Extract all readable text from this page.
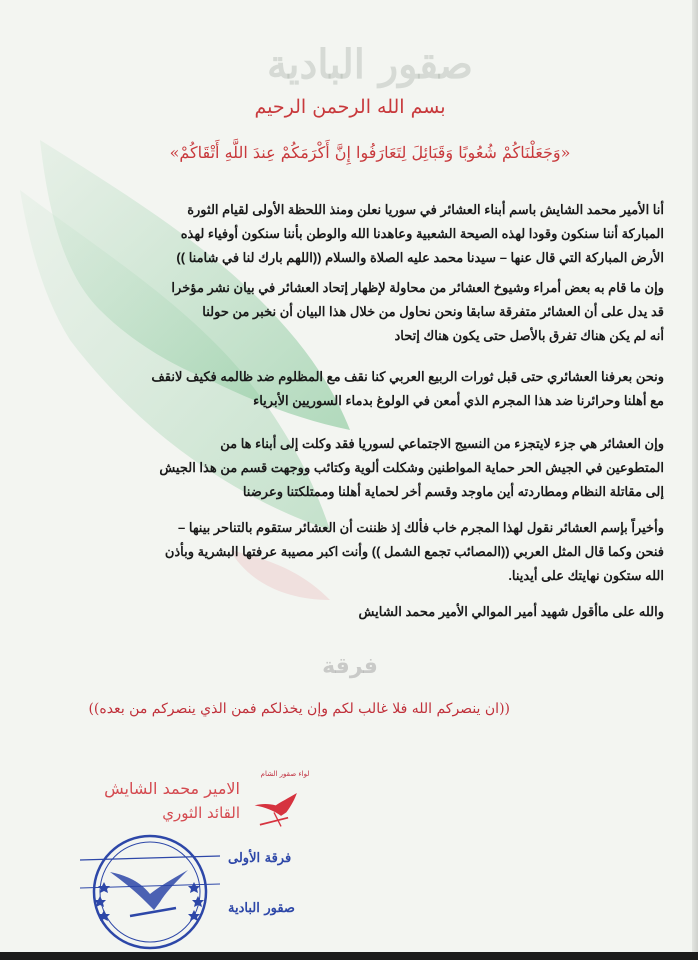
صقور البادية
فرقة
بسم الله الرحمن الرحيم
«وَجَعَلْنَاكُمْ شُعُوبًا وَقَبَائِلَ لِتَعَارَفُوا إِنَّ أَكْرَمَكُمْ عِندَ اللَّهِ أَتْقَاكُمْ»

أنا الأمير محمد الشايش باسم أبناء العشائر في سوريا نعلن ومنذ اللحظة الأولى لقيام الثورة

المباركة أننا سنكون وقودا لهذه الصيحة الشعبية وعاهدنا الله والوطن بأننا سنكون أوفياء لهذه

الأرض المباركة التي قال عنها – سيدنا محمد عليه الصلاة والسلام ((اللهم بارك لنا في شامنا ))

وإن ما قام به بعض أمراء وشيوخ العشائر من محاولة لإظهار إتحاد العشائر في بيان نشر مؤخرا

قد يدل على أن العشائر متفرقة سابقا ونحن نحاول من خلال هذا البيان أن نخبر من حولنا

أنه لم يكن هناك تفرق بالأصل حتى يكون هناك إتحاد

ونحن بعرفنا العشائري حتى قبل ثورات الربيع العربي كنا نقف مع المظلوم ضد ظالمه فكيف لانقف

مع أهلنا وحرائرنا ضد هذا المجرم الذي أمعن في الولوغ بدماء السوريين الأبرياء

وإن العشائر هي جزء لايتجزء من النسيج الاجتماعي لسوريا فقد وكلت إلى أبناء ها من

المتطوعين في الجيش الحر حماية المواطنين وشكلت ألوية وكتائب ووجهت قسم من هذا الجيش

إلى مقاتلة النظام ومطاردته أين ماوجد وقسم أخر لحماية أهلنا وممتلكتنا وعرضنا

وأخيراً بإسم العشائر نقول لهذا المجرم خاب فألك إذ ظننت أن العشائر ستقوم بالتناحر بينها –

فنحن وكما قال المثل العربي ((المصائب تجمع الشمل )) وأنت اكبر مصيبة عرفتها البشرية وبأذن

الله ستكون نهايتك على أيدينا.

والله على ماأقول شهيد أمير الموالي الأمير محمد الشايش

((ان ينصركم الله فلا غالب لكم وإن يخذلكم فمن الذي ينصركم من بعده))
لواء صقور الشام
الامير محمد الشايش
القائد الثوري
فرقة الأولى
صقور البادية
